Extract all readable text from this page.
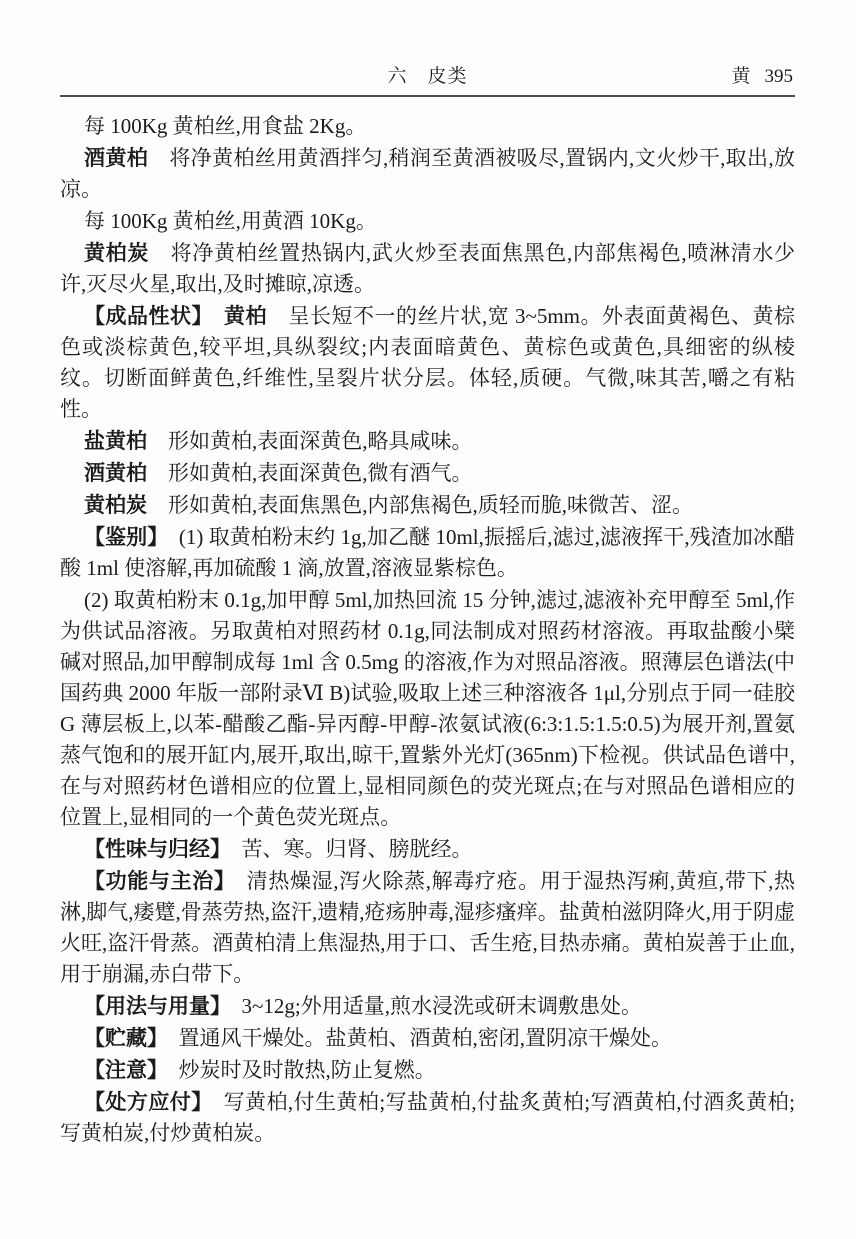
六　皮类	黄 395

每 100Kg 黄柏丝,用食盐 2Kg。

酒黄柏　将净黄柏丝用黄酒拌匀,稍润至黄酒被吸尽,置锅内,文火炒干,取出,放凉。

每 100Kg 黄柏丝,用黄酒 10Kg。

黄柏炭　将净黄柏丝置热锅内,武火炒至表面焦黑色,内部焦褐色,喷淋清水少许,灭尽火星,取出,及时摊晾,凉透。

【成品性状】　 黄柏　呈长短不一的丝片状,宽 3~5mm。外表面黄褐色、黄棕色或淡棕黄色,较平坦,具纵裂纹;内表面暗黄色、黄棕色或黄色,具细密的纵棱纹。切断面鲜黄色,纤维性,呈裂片状分层。体轻,质硬。气微,味其苦,嚼之有粘性。

盐黄柏　形如黄柏,表面深黄色,略具咸味。

酒黄柏　形如黄柏,表面深黄色,微有酒气。

黄柏炭　形如黄柏,表面焦黑色,内部焦褐色,质轻而脆,味微苦、涩。

【鉴别】　(1) 取黄柏粉末约 1g,加乙醚 10ml,振摇后,滤过,滤液挥干,残渣加冰醋酸 1ml 使溶解,再加硫酸 1 滴,放置,溶液显紫棕色。

(2) 取黄柏粉末 0.1g,加甲醇 5ml,加热回流 15 分钟,滤过,滤液补充甲醇至 5ml,作为供试品溶液。另取黄柏对照药材 0.1g,同法制成对照药材溶液。再取盐酸小檗碱对照品,加甲醇制成每 1ml 含 0.5mg 的溶液,作为对照品溶液。照薄层色谱法(中国药典 2000 年版一部附录Ⅵ B)试验,吸取上述三种溶液各 1μl,分别点于同一硅胶 G 薄层板上,以苯-醋酸乙酯-异丙醇-甲醇-浓氨试液(6:3:1.5:1.5:0.5)为展开剂,置氨蒸气饱和的展开缸内,展开,取出,晾干,置紫外光灯(365nm)下检视。供试品色谱中,在与对照药材色谱相应的位置上,显相同颜色的荧光斑点;在与对照品色谱相应的位置上,显相同的一个黄色荧光斑点。

【性味与归经】　苦、寒。归肾、膀胱经。

【功能与主治】　清热燥湿,泻火除蒸,解毒疗疮。用于湿热泻痢,黄疸,带下,热淋,脚气,痿躄,骨蒸劳热,盗汗,遗精,疮疡肿毒,湿疹瘙痒。盐黄柏滋阴降火,用于阴虚火旺,盗汗骨蒸。酒黄柏清上焦湿热,用于口、舌生疮,目热赤痛。黄柏炭善于止血,用于崩漏,赤白带下。

【用法与用量】　3~12g;外用适量,煎水浸洗或研末调敷患处。

【贮藏】　置通风干燥处。盐黄柏、酒黄柏,密闭,置阴凉干燥处。

【注意】　炒炭时及时散热,防止复燃。

【处方应付】　写黄柏,付生黄柏;写盐黄柏,付盐炙黄柏;写酒黄柏,付酒炙黄柏;写黄柏炭,付炒黄柏炭。
